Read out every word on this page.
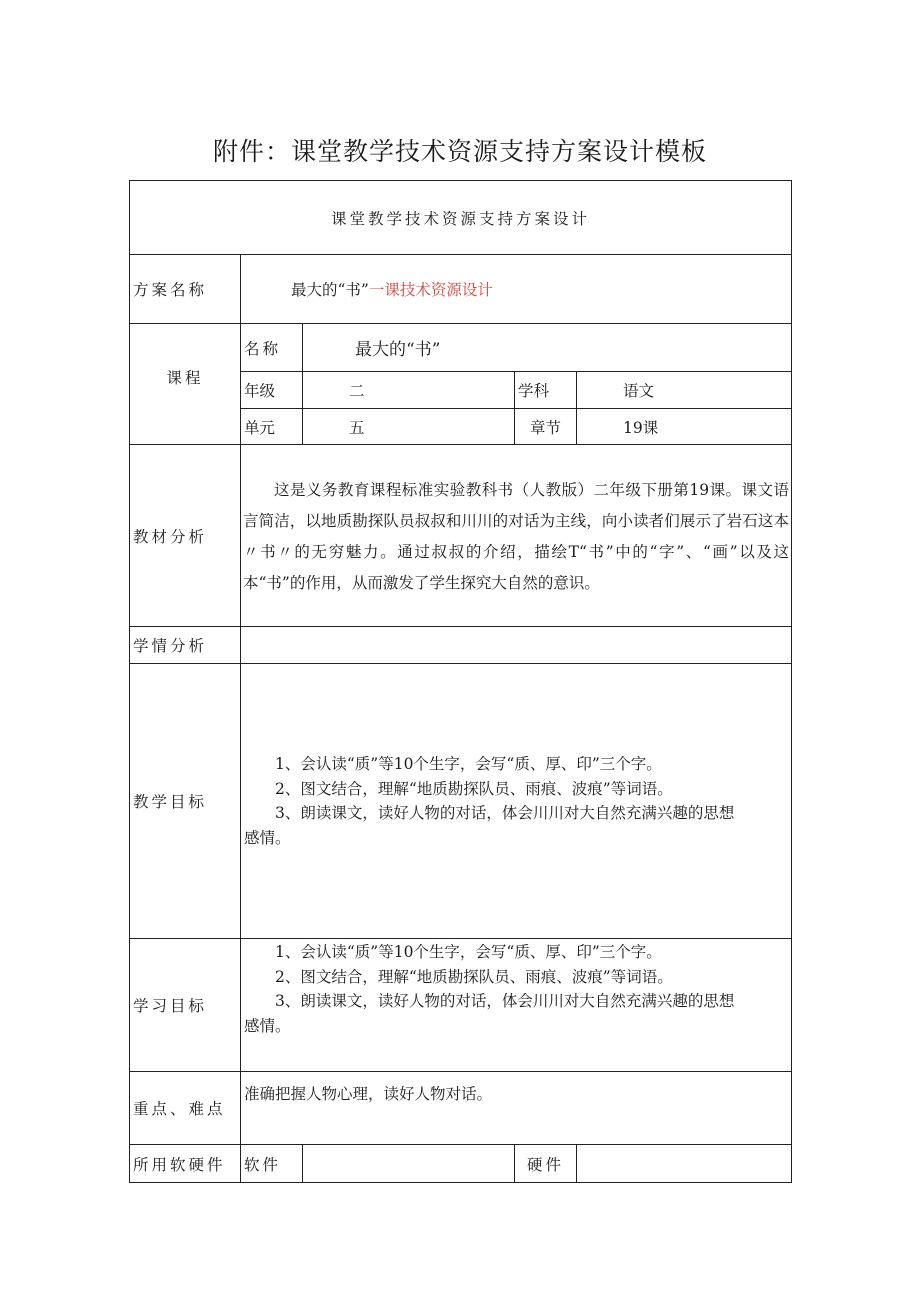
附件：课堂教学技术资源支持方案设计模板
课堂教学技术资源支持方案设计				
方案名称	最大的“书”一课技术资源设计			
课程	名称	最大的“书”		
	年级	二	学科	语文
	单元	五	章节	19课
教材分析	这是义务教育课程标准实验教科书（人教版）二年级下册第19课。课文语言简洁，以地质勘探队员叔叔和川川的对话为主线，向小读者们展示了岩石这本〃书〃的无穷魅力。通过叔叔的介绍，描绘T“书”中的“字”、“画”以及这本“书”的作用，从而激发了学生探究大自然的意识。			
学情分析				
教学目标	1、会认读“质”等10个生字，会写“质、厚、印”三个字。

2、图文结合，理解“地质勘探队员、雨痕、波痕”等词语。

3、朗读课文，读好人物的对话，体会川川对大自然充满兴趣的思想

感情。			

学习目标	1、会认读“质”等10个生字，会写“质、厚、印”三个字。

2、图文结合，理解“地质勘探队员、雨痕、波痕”等词语。

3、朗读课文，读好人物的对话，体会川川对大自然充满兴趣的思想

感情。			

重点、难点	准确把握人物心理，读好人物对话。			
所用软硬件	软件		硬件	
